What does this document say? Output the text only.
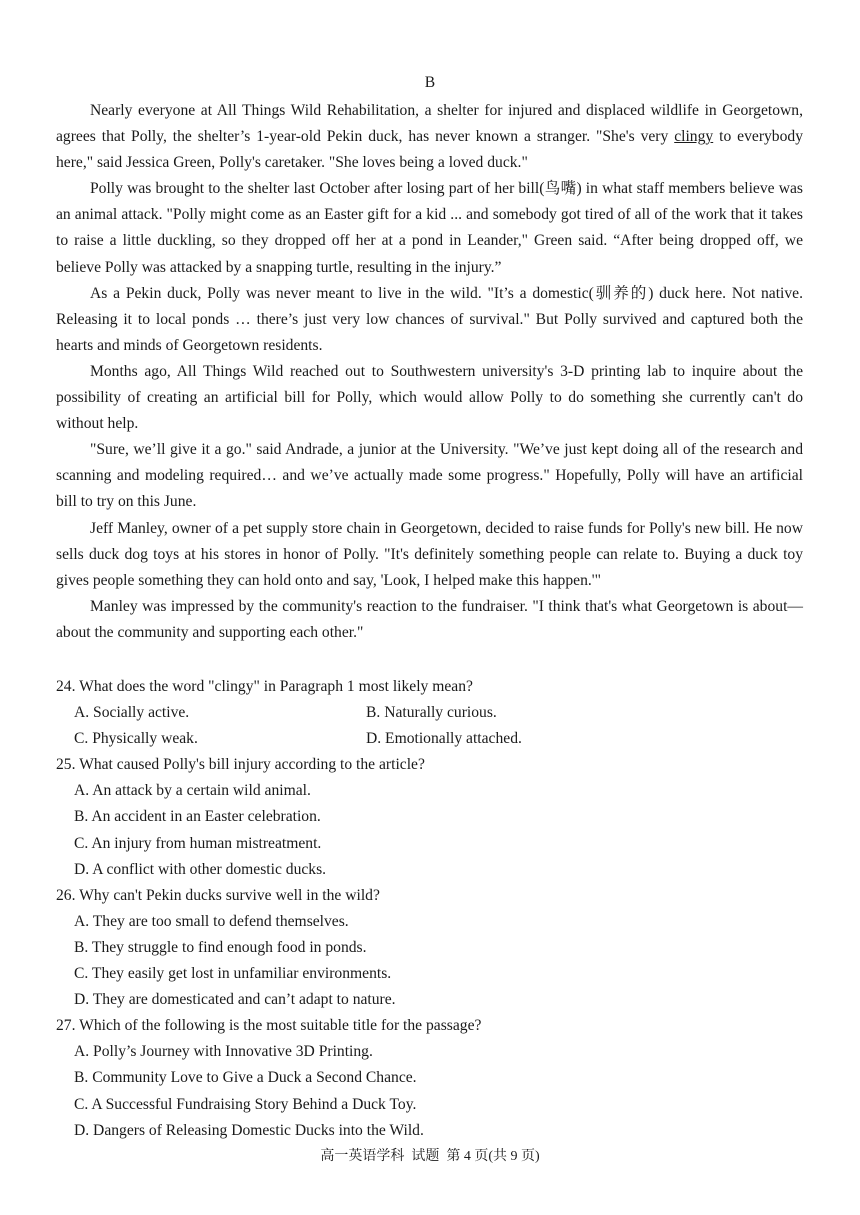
B

Nearly everyone at All Things Wild Rehabilitation, a shelter for injured and displaced wildlife in Georgetown, agrees that Polly, the shelter’s 1-year-old Pekin duck, has never known a stranger. "She's very clingy to everybody here," said Jessica Green, Polly's caretaker. "She loves being a loved duck."

Polly was brought to the shelter last October after losing part of her bill(鸟嘴) in what staff members believe was an animal attack. "Polly might come as an Easter gift for a kid ... and somebody got tired of all of the work that it takes to raise a little duckling, so they dropped off her at a pond in Leander," Green said. “After being dropped off, we believe Polly was attacked by a snapping turtle, resulting in the injury.”

As a Pekin duck, Polly was never meant to live in the wild. "It’s a domestic(驯养的) duck here. Not native. Releasing it to local ponds … there’s just very low chances of survival." But Polly survived and captured both the hearts and minds of Georgetown residents.

Months ago, All Things Wild reached out to Southwestern university's 3-D printing lab to inquire about the possibility of creating an artificial bill for Polly, which would allow Polly to do something she currently can't do without help.

"Sure, we’ll give it a go." said Andrade, a junior at the University. "We’ve just kept doing all of the research and scanning and modeling required… and we’ve actually made some progress." Hopefully, Polly will have an artificial bill to try on this June.

Jeff Manley, owner of a pet supply store chain in Georgetown, decided to raise funds for Polly's new bill. He now sells duck dog toys at his stores in honor of Polly. "It's definitely something people can relate to. Buying a duck toy gives people something they can hold onto and say, 'Look, I helped make this happen.'"

Manley was impressed by the community's reaction to the fundraiser. "I think that's what Georgetown is about—about the community and supporting each other."

24. What does the word "clingy" in Paragraph 1 most likely mean?
A. Socially active.	B. Naturally curious.
C. Physically weak.	D. Emotionally attached.
25. What caused Polly's bill injury according to the article?
A. An attack by a certain wild animal.
B. An accident in an Easter celebration.
C. An injury from human mistreatment.
D. A conflict with other domestic ducks.
26. Why can't Pekin ducks survive well in the wild?
A. They are too small to defend themselves.
B. They struggle to find enough food in ponds.
C. They easily get lost in unfamiliar environments.
D. They are domesticated and can’t adapt to nature.
27. Which of the following is the most suitable title for the passage?
A. Polly’s Journey with Innovative 3D Printing.
B. Community Love to Give a Duck a Second Chance.
C. A Successful Fundraising Story Behind a Duck Toy.
D. Dangers of Releasing Domestic Ducks into the Wild.
高一英语学科  试题  第 4 页(共 9 页)
